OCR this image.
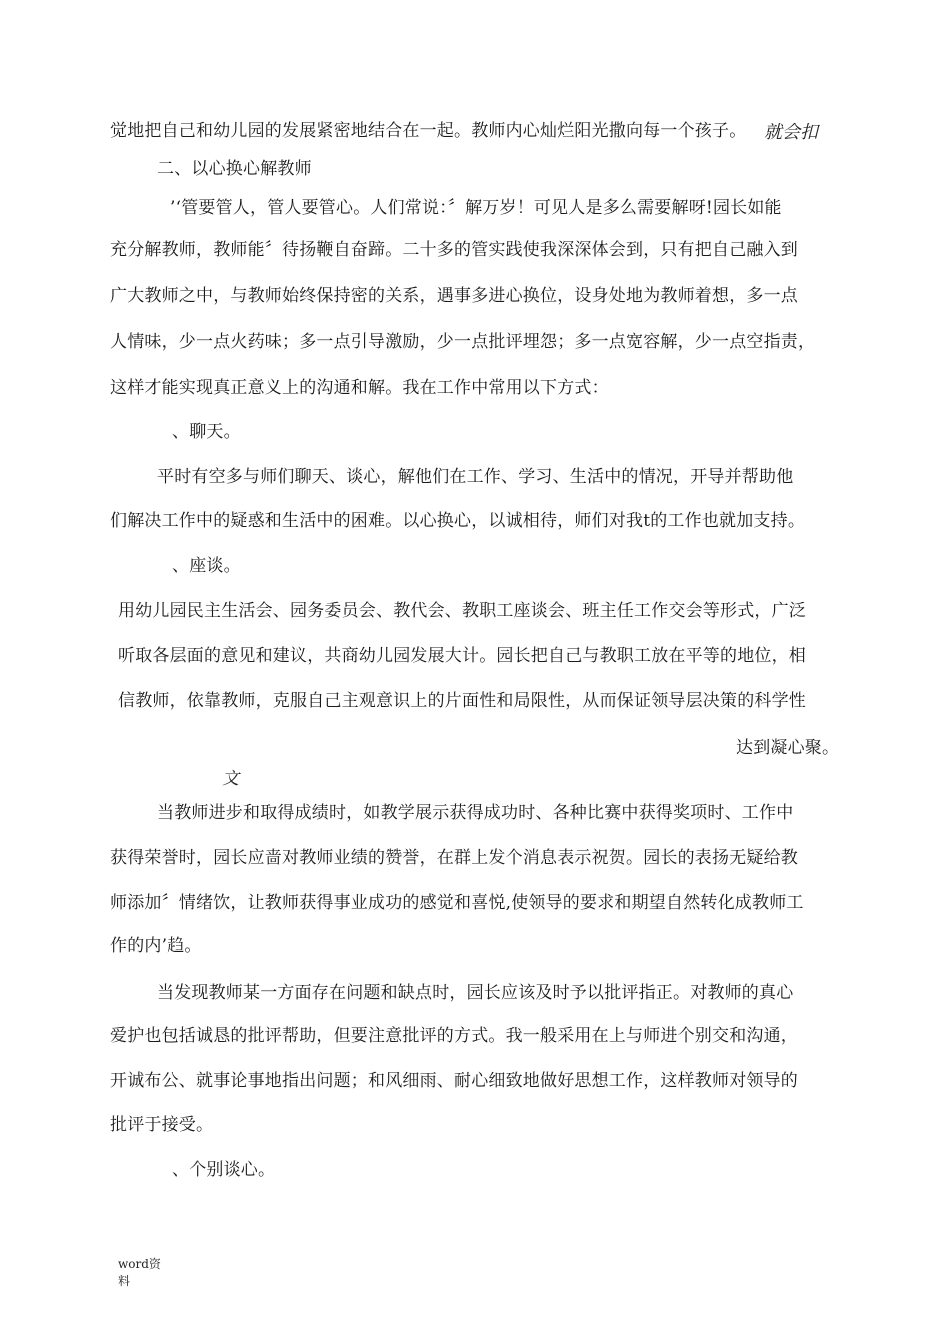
觉地把自己和幼儿园的发展紧密地结合在一起。教师内心灿烂阳光撒向每一个孩子。 就会扣
二、以心换心解教师
’‘管要管人，管人要管心。人们常说：〞解万岁！可见人是多么需要解呀!园长如能
充分解教师，教师能〞待扬鞭自奋蹄。二十多的管实践使我深深体会到，只有把自己融入到
广大教师之中，与教师始终保持密的关系，遇事多进心换位，设身处地为教师着想，多一点
人情味，少一点火药味；多一点引导激励，少一点批评埋怨；多一点宽容解，少一点空指责，
这样才能实现真正意义上的沟通和解。我在工作中常用以下方式：
、聊天。
平时有空多与师们聊天、谈心，解他们在工作、学习、生活中的情况，开导并帮助他
们解决工作中的疑惑和生活中的困难。以心换心，以诚相待，师们对我t的工作也就加支持。
、座谈。
用幼儿园民主生活会、园务委员会、教代会、教职工座谈会、班主任工作交会等形式，广泛
听取各层面的意见和建议，共商幼儿园发展大计。园长把自己与教职工放在平等的地位，相
信教师，依靠教师，克服自己主观意识上的片面性和局限性，从而保证领导层决策的科学性
达到凝心聚。
文
当教师进步和取得成绩时，如教学展示获得成功时、各种比赛中获得奖项时、工作中
获得荣誉时，园长应啬对教师业绩的赞誉，在群上发个消息表示祝贺。园长的表扬无疑给教
师添加〞情绪饮，让教师获得事业成功的感觉和喜悦,使领导的要求和期望自然转化成教师工
作的内’趋。
当发现教师某一方面存在问题和缺点时，园长应该及时予以批评指正。对教师的真心
爱护也包括诚恳的批评帮助，但要注意批评的方式。我一般采用在上与师进个别交和沟通，
开诚布公、就事论事地指出问题；和风细雨、耐心细致地做好思想工作，这样教师对领导的
批评于接受。
、个别谈心。
word资
料
